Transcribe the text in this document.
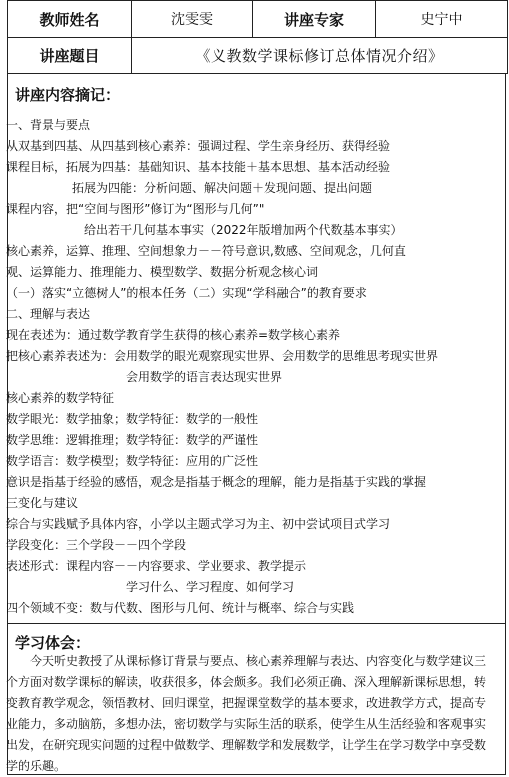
教师姓名	沈雯雯	讲座专家	史宁中
讲座题目	《义教数学课标修订总体情况介绍》		
讲座内容摘记：
学习体会：
一、背景与要点
从双基到四基、从四基到核心素养：强调过程、学生亲身经历、获得经验
课程目标，拓展为四基：基础知识、基本技能＋基本思想、基本活动经验
拓展为四能：分析问题、解决问题＋发现问题、提出问题
课程内容，把“空间与图形”修订为“图形与几何”"
给出若干几何基本事实（2022年版增加两个代数基本事实）
核心素养，运算、推理、空间想象力－－符号意识,数感、空间观念，几何直
观、运算能力、推理能力、模型数学、数据分析观念核心词
（一）落实“立德树人”的根本任务（二）实现“学科融合”的教育要求
二、理解与表达
现在表述为：通过数学教育学生获得的核心素养=数学核心素养
把核心素养表述为：会用数学的眼光观察现实世界、会用数学的思维思考现实世界
会用数学的语言表达现实世界
核心素养的数学特征
数学眼光：数学抽象；数学特征：数学的一般性
数学思维：逻辑推理；数学特征：数学的严谨性
数学语言：数学模型；数学特征：应用的广泛性
意识是指基于经验的感悟，观念是指基于概念的理解，能力是指基于实践的掌握
三变化与建议
综合与实践赋予具体内容，小学以主题式学习为主、初中尝试项目式学习
学段变化：三个学段－－四个学段
表述形式：课程内容－－内容要求、学业要求、教学提示
学习什么、学习程度、如何学习
四个领域不变：数与代数、图形与几何、统计与概率、综合与实践
今天听史教授了从课标修订背景与要点、核心素养理解与表达、内容变化与数学建议三个方面对数学课标的解读，收获很多，体会颇多。我们必须正确、深入理解新课标思想，转变教育教学观念，领悟教材、回归课堂，把握课堂数学的基本要求，改进教学方式，提高专业能力，多动脑筋，多想办法，密切数学与实际生活的联系，使学生从生活经验和客观事实出发，在研究现实问题的过程中做数学、理解数学和发展数学，让学生在学习数学中享受数学的乐趣。
